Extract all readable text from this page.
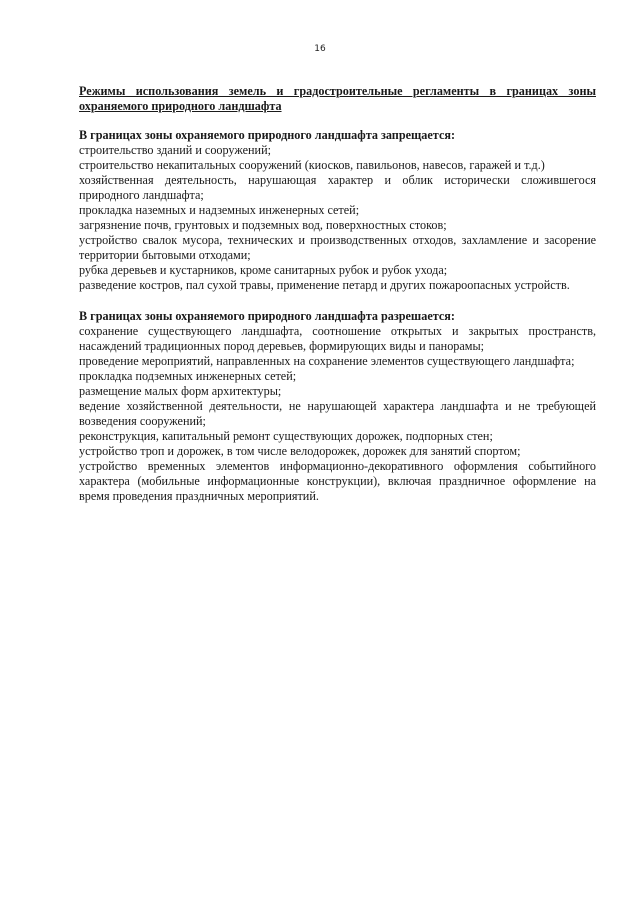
16

Режимы использования земель и градостроительные регламенты в границах зоны охраняемого природного ландшафта

В границах зоны охраняемого природного ландшафта запрещается:

строительство зданий и сооружений;

строительство некапитальных сооружений (киосков, павильонов, навесов, гаражей и т.д.)

хозяйственная деятельность, нарушающая характер и облик исторически сложившегося природного ландшафта;

прокладка наземных и надземных инженерных сетей;

загрязнение почв, грунтовых и подземных вод, поверхностных стоков;

устройство свалок мусора, технических и производственных отходов, захламление и засорение территории бытовыми отходами;

рубка деревьев и кустарников, кроме санитарных рубок и рубок ухода;

разведение костров, пал сухой травы, применение петард и других пожароопасных устройств.

В границах зоны охраняемого природного ландшафта разрешается:

сохранение существующего ландшафта, соотношение открытых и закрытых пространств, насаждений традиционных пород деревьев, формирующих виды и панорамы;

проведение мероприятий, направленных на сохранение элементов существующего ландшафта;

прокладка подземных инженерных сетей;

размещение малых форм архитектуры;

ведение хозяйственной деятельности, не нарушающей характера ландшафта и не требующей возведения сооружений;

реконструкция, капитальный ремонт существующих дорожек, подпорных стен;

устройство троп и дорожек, в том числе велодорожек, дорожек для занятий спортом;

устройство временных элементов информационно-декоративного оформления событийного характера (мобильные информационные конструкции), включая праздничное оформление на время проведения праздничных мероприятий.
